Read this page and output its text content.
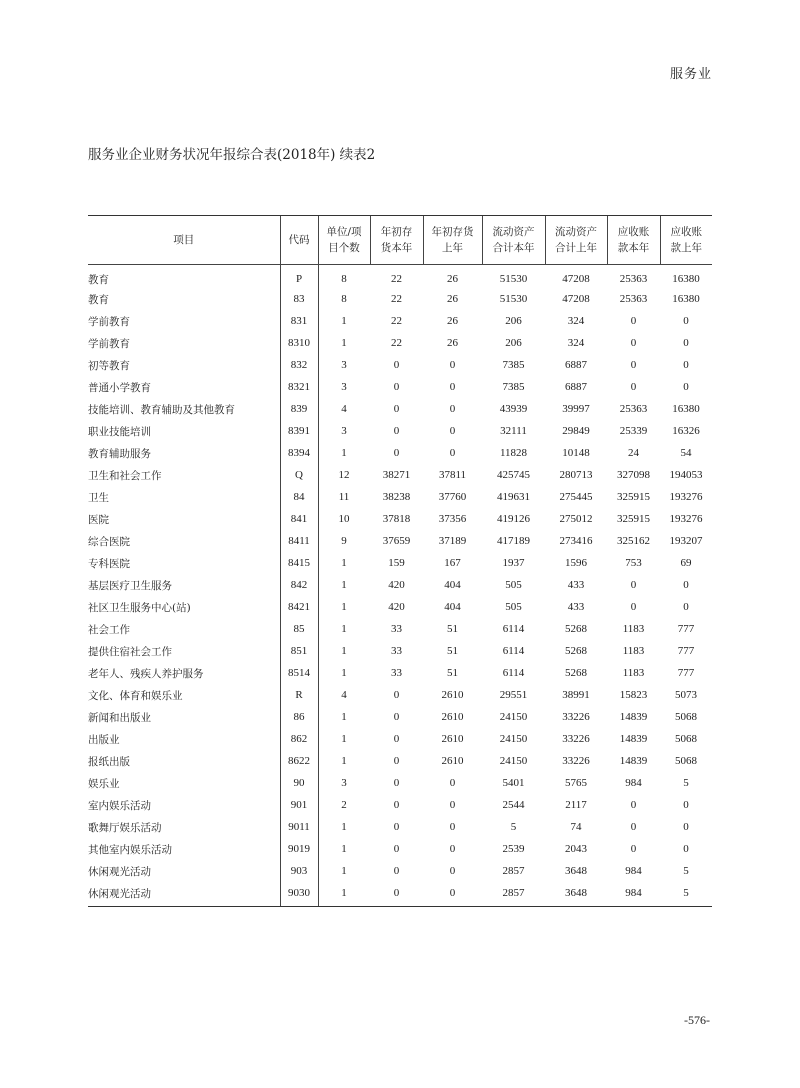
服务业
服务业企业财务状况年报综合表(2018年) 续表2
项目	代码	单位/项目个数	年初存货本年	年初存货上年	流动资产合计本年	流动资产合计上年	应收账款本年	应收账款上年
教育	P	8	22	26	51530	47208	25363	16380
教育	83	8	22	26	51530	47208	25363	16380
学前教育	831	1	22	26	206	324	0	0
学前教育	8310	1	22	26	206	324	0	0
初等教育	832	3	0	0	7385	6887	0	0
普通小学教育	8321	3	0	0	7385	6887	0	0
技能培训、教育辅助及其他教育	839	4	0	0	43939	39997	25363	16380
职业技能培训	8391	3	0	0	32111	29849	25339	16326
教育辅助服务	8394	1	0	0	11828	10148	24	54
卫生和社会工作	Q	12	38271	37811	425745	280713	327098	194053
卫生	84	11	38238	37760	419631	275445	325915	193276
医院	841	10	37818	37356	419126	275012	325915	193276
综合医院	8411	9	37659	37189	417189	273416	325162	193207
专科医院	8415	1	159	167	1937	1596	753	69
基层医疗卫生服务	842	1	420	404	505	433	0	0
社区卫生服务中心(站)	8421	1	420	404	505	433	0	0
社会工作	85	1	33	51	6114	5268	1183	777
提供住宿社会工作	851	1	33	51	6114	5268	1183	777
老年人、残疾人养护服务	8514	1	33	51	6114	5268	1183	777
文化、体育和娱乐业	R	4	0	2610	29551	38991	15823	5073
新闻和出版业	86	1	0	2610	24150	33226	14839	5068
出版业	862	1	0	2610	24150	33226	14839	5068
报纸出版	8622	1	0	2610	24150	33226	14839	5068
娱乐业	90	3	0	0	5401	5765	984	5
室内娱乐活动	901	2	0	0	2544	2117	0	0
歌舞厅娱乐活动	9011	1	0	0	5	74	0	0
其他室内娱乐活动	9019	1	0	0	2539	2043	0	0
休闲观光活动	903	1	0	0	2857	3648	984	5
休闲观光活动	9030	1	0	0	2857	3648	984	5
-576-
